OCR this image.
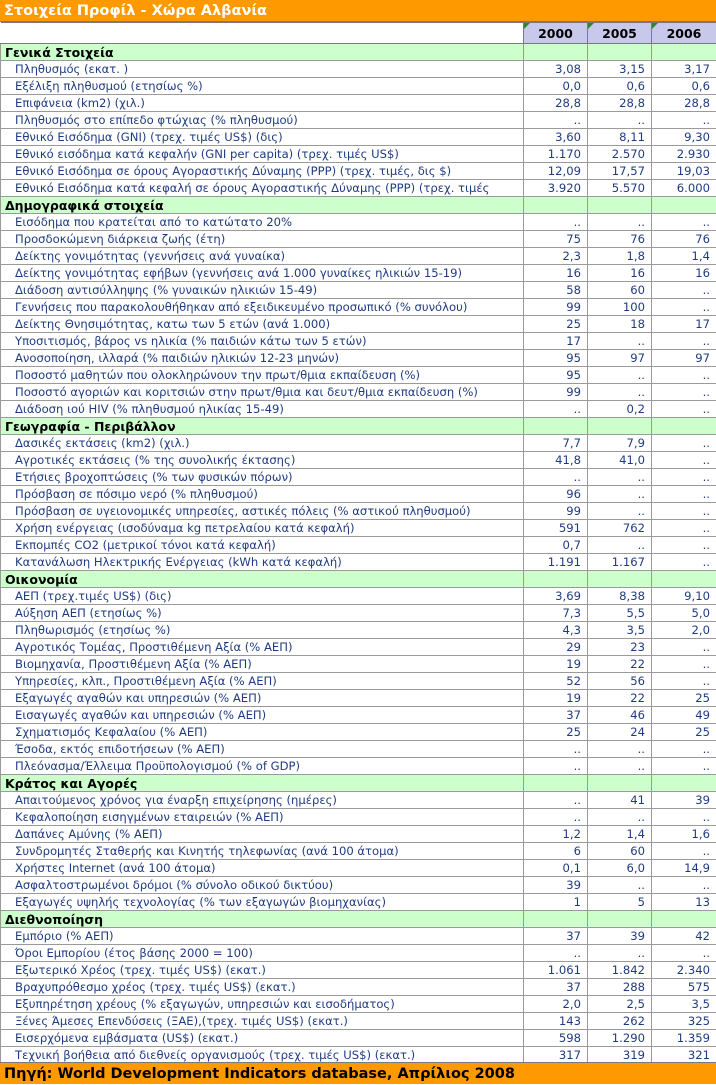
Στοιχεία Προφίλ - Χώρα Αλβανία
	2000	2005	2006
Γενικά Στοιχεία			
Πληθυσμός (εκατ. )	3,08	3,15	3,17
Εξέλιξη πληθυσμού (ετησίως %)	0,0	0,6	0,6
Επιφάνεια (km2) (χιλ.)	28,8	28,8	28,8
Πληθυσμός στο επίπεδο φτώχιας (% πληθυσμού)	..	..	..
Εθνικό Εισόδημα (GNI) (τρεχ. τιμές US$) (δις)	3,60	8,11	9,30
Εθνικό εισόδημα κατά κεφαλήν (GNI per capita) (τρεχ. τιμές US$)	1.170	2.570	2.930
Εθνικό Εισόδημα σε όρους Αγοραστικής Δύναμης (PPP) (τρεχ. τιμές, δις $)	12,09	17,57	19,03
Εθνικό Εισόδημα κατά κεφαλή σε όρους Αγοραστικής Δύναμης (PPP) (τρεχ. τιμές	3.920	5.570	6.000
Δημογραφικά στοιχεία			
Εισόδημα που κρατείται από το κατώτατο 20%	..	..	..
Προσδοκώμενη διάρκεια ζωής (έτη)	75	76	76
Δείκτης γονιμότητας (γεννήσεις ανά γυναίκα)	2,3	1,8	1,4
Δείκτης γονιμότητας εφήβων (γεννήσεις ανά 1.000 γυναίκες ηλικιών 15-19)	16	16	16
Διάδοση αντισύλληψης (% γυναικών ηλικιών 15-49)	58	60	..
Γεννήσεις που παρακολουθήθηκαν από εξειδικευμένο προσωπικό (% συνόλου)	99	100	..
Δείκτης Θνησιμότητας, κατω των 5 ετών (ανά 1.000)	25	18	17
Υποσιτισμός, βάρος vs ηλικία (% παιδιών κάτω των 5 ετών)	17	..	..
Ανοσοποίηση, ιλλαρά (% παιδιών ηλικιών 12-23 μηνών)	95	97	97
Ποσοστό μαθητών που ολοκληρώνουν την πρωτ/θμια εκπαίδευση (%)	95	..	..
Ποσοστό αγοριών και κοριτσιών στην πρωτ/θμια και δευτ/θμια εκπαίδευση (%)	99	..	..
Διάδοση ιού HIV (% πληθυσμού ηλικίας 15-49)	..	0,2	..
Γεωγραφία - Περιβάλλον			
Δασικές εκτάσεις (km2) (χιλ.)	7,7	7,9	..
Αγροτικές εκτάσεις (% της συνολικής έκτασης)	41,8	41,0	..
Ετήσιες βροχοπτώσεις (% των φυσικών πόρων)	..	..	..
Πρόσβαση σε πόσιμο νερό (% πληθυσμού)	96	..	..
Πρόσβαση σε υγειονομικές υπηρεσίες, αστικές πόλεις (% αστικού πληθυσμού)	99	..	..
Χρήση ενέργειας (ισοδύναμα kg πετρελαίου κατά κεφαλή)	591	762	..
Εκπομπές CO2 (μετρικοί τόνοι κατά κεφαλή)	0,7	..	..
Κατανάλωση Ηλεκτρικής Ενέργειας (kWh κατά κεφαλή)	1.191	1.167	..
Οικονομία			
ΑΕΠ (τρεχ.τιμές US$) (δις)	3,69	8,38	9,10
Αύξηση ΑΕΠ (ετησίως %)	7,3	5,5	5,0
Πληθωρισμός (ετησίως %)	4,3	3,5	2,0
Αγροτικός Τομέας, Προστιθέμενη Αξία (% ΑΕΠ)	29	23	..
Βιομηχανία, Προστιθέμενη Αξία (% ΑΕΠ)	19	22	..
Υπηρεσίες, κλπ., Προστιθέμενη Αξία (% ΑΕΠ)	52	56	..
Εξαγωγές αγαθών και υπηρεσιών (% ΑΕΠ)	19	22	25
Εισαγωγές αγαθών και υπηρεσιών (% ΑΕΠ)	37	46	49
Σχηματισμός Κεφαλαίου (% ΑΕΠ)	25	24	25
Έσοδα, εκτός επιδοτήσεων (% ΑΕΠ)	..	..	..
Πλεόνασμα/Έλλειμα Προϋπολογισμού (% of GDP)	..	..	..
Κράτος και Αγορές			
Απαιτούμενος χρόνος για έναρξη επιχείρησης (ημέρες)	..	41	39
Κεφαλοποίηση εισηγμένων εταιρειών (% ΑΕΠ)	..	..	..
Δαπάνες Αμύνης (% ΑΕΠ)	1,2	1,4	1,6
Συνδρομητές Σταθερής και Κινητής τηλεφωνίας (ανά 100 άτομα)	6	60	..
Χρήστες Internet (ανά 100 άτομα)	0,1	6,0	14,9
Ασφαλτοστρωμένοι δρόμοι (% σύνολο οδικού δικτύου)	39	..	..
Εξαγωγές υψηλής τεχνολογίας (% των εξαγωγών βιομηχανίας)	1	5	13
Διεθνοποίηση			
Εμπόριο (% ΑΕΠ)	37	39	42
Όροι Εμπορίου (έτος βάσης 2000 = 100)	..	..	..
Εξωτερικό Χρέος (τρεχ. τιμές US$) (εκατ.)	1.061	1.842	2.340
Βραχυπρόθεσμο χρέος (τρεχ. τιμές US$) (εκατ.)	37	288	575
Εξυπηρέτηση χρέους (% εξαγωγών, υπηρεσιών και εισοδήματος)	2,0	2,5	3,5
Ξένες Άμεσες Επενδύσεις (ΞΑΕ),(τρεχ. τιμές US$) (εκατ.)	143	262	325
Εισερχόμενα εμβάσματα (US$) (εκατ.)	598	1.290	1.359
Τεχνική βοήθεια από διεθνείς οργανισμούς (τρεχ. τιμές US$) (εκατ.)	317	319	321
Πηγή: World Development Indicators database, Απρίλιος 2008
